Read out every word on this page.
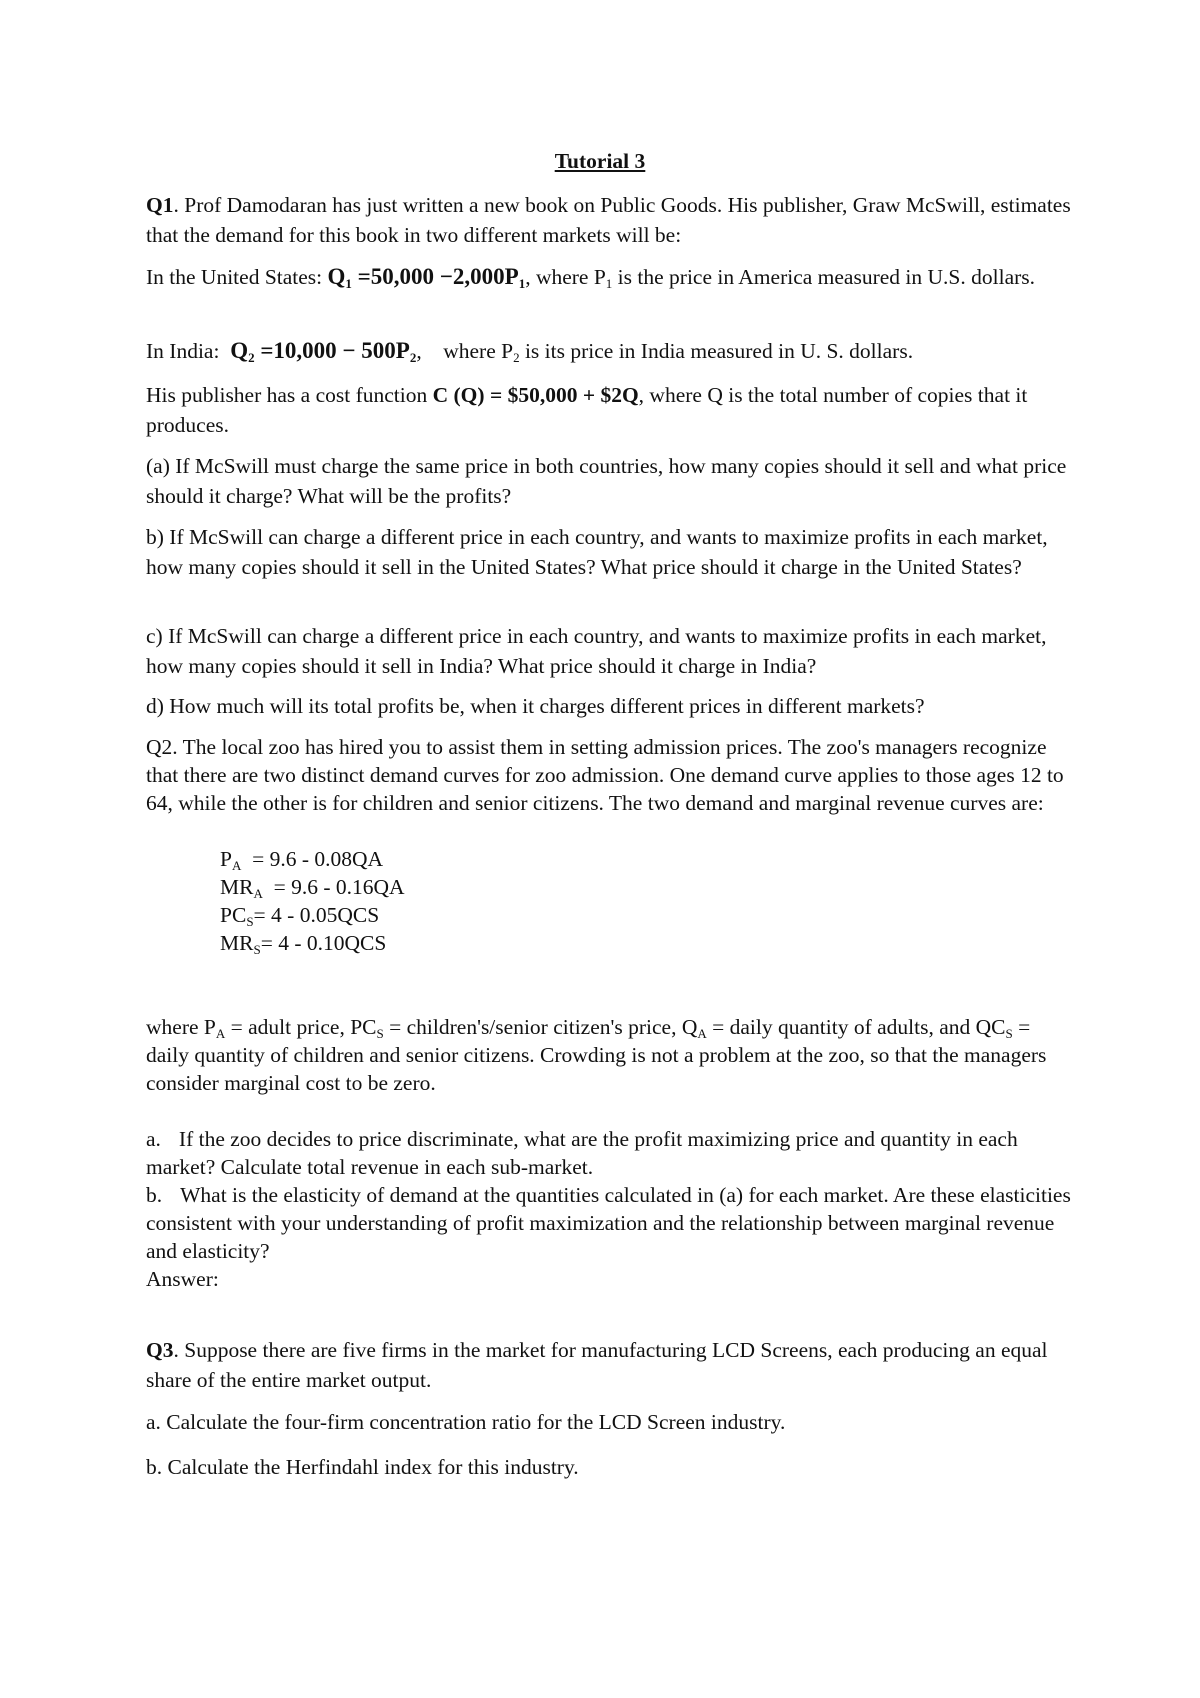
Tutorial 3

Q1. Prof Damodaran has just written a new book on Public Goods. His publisher, Graw McSwill, estimates that the demand for this book in two different markets will be:

In the United States: $Q_1 =50,000 -2,000P_1$, where $P_1$ is the price in America measured in U.S. dollars.

In India:  $Q_2 =10,000 - 500P_2$,    where $P_2$ is its price in India measured in U. S. dollars.

His publisher has a cost function C (Q) = $50,000 + $2Q, where Q is the total number of copies that it produces.

(a) If McSwill must charge the same price in both countries, how many copies should it sell and what price should it charge? What will be the profits?

b) If McSwill can charge a different price in each country, and wants to maximize profits in each market, how many copies should it sell in the United States? What price should it charge in the United States?

c) If McSwill can charge a different price in each country, and wants to maximize profits in each market, how many copies should it sell in India? What price should it charge in India?

d) How much will its total profits be, when it charges different prices in different markets?

Q2. The local zoo has hired you to assist them in setting admission prices. The zoo's managers recognize that there are two distinct demand curves for zoo admission. One demand curve applies to those ages 12 to 64, while the other is for children and senior citizens. The two demand and marginal revenue curves are:

$P_A = 9.6 - 0.08QA$
$MR_A = 9.6 - 0.16QA$
$PC_S= 4 - 0.05QCS$
$MR_S= 4 - 0.10QCS$

where $P_A$ = adult price, $PC_S$ = children's/senior citizen's price, $Q_A$ = daily quantity of adults, and $QC_S$ = daily quantity of children and senior citizens. Crowding is not a problem at the zoo, so that the managers consider marginal cost to be zero.

a. If the zoo decides to price discriminate, what are the profit maximizing price and quantity in each market? Calculate total revenue in each sub-market.

b. What is the elasticity of demand at the quantities calculated in (a) for each market. Are these elasticities consistent with your understanding of profit maximization and the relationship between marginal revenue and elasticity?

Answer:

Q3. Suppose there are five firms in the market for manufacturing LCD Screens, each producing an equal share of the entire market output.

a. Calculate the four-firm concentration ratio for the LCD Screen industry.

b. Calculate the Herfindahl index for this industry.
